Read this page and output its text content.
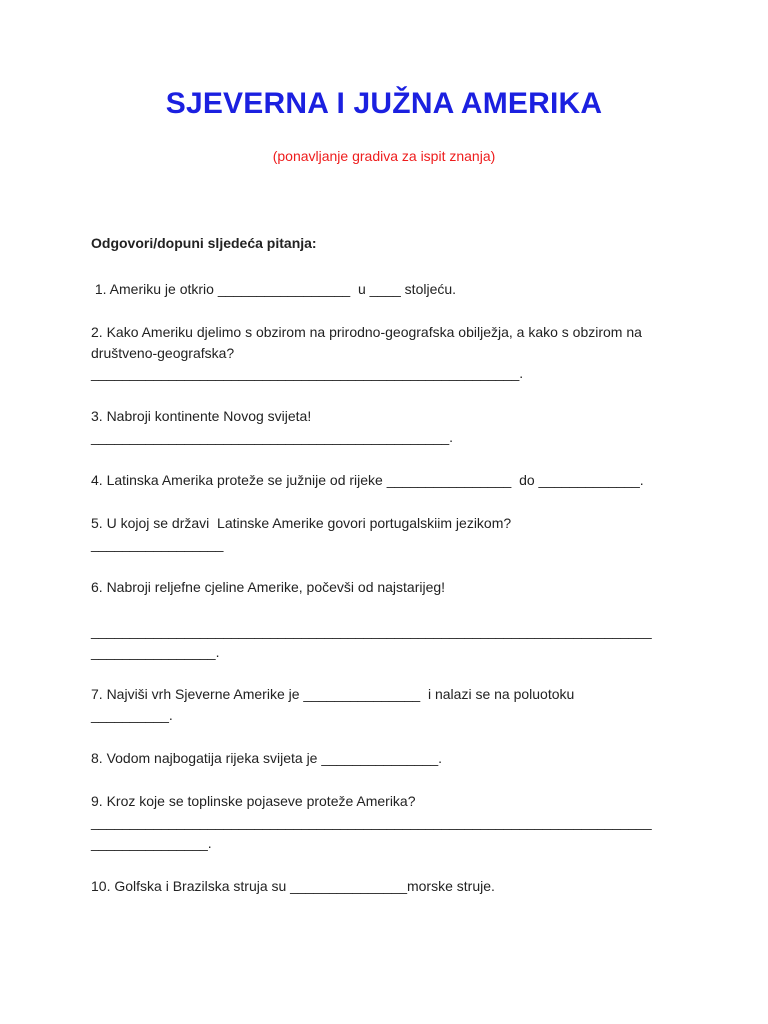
SJEVERNA I JUŽNA AMERIKA
(ponavljanje gradiva za ispit znanja)
Odgovori/dopuni sljedeća pitanja:
1. Ameriku je otkrio _________________  u ____ stoljeću.
2. Kako Ameriku djelimo s obzirom na prirodno-geografska obilježja, a kako s obzirom na
društveno-geografska?
_______________________________________________________.
3. Nabroji kontinente Novog svijeta!
______________________________________________.
4. Latinska Amerika proteže se južnije od rijeke ________________  do _____________.
5. U kojoj se državi  Latinske Amerike govori portugalskiim jezikom?
_________________
6. Nabroji reljefne cjeline Amerike, počevši od najstarijeg!
________________________________________________________________________
________________.
7. Najviši vrh Sjeverne Amerike je _______________  i nalazi se na poluotoku
__________.
8. Vodom najbogatija rijeka svijeta je _______________.
9. Kroz koje se toplinske pojaseve proteže Amerika?
________________________________________________________________________
_______________.
10. Golfska i Brazilska struja su _______________morske struje.
